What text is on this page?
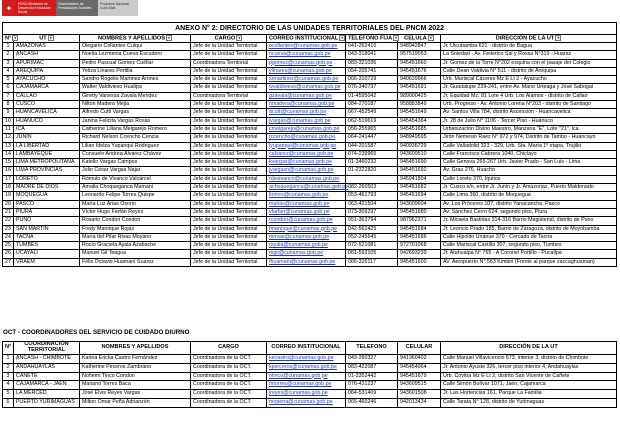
✦	PERÚ Ministerio de Desarrollo e Inclusión Social
Viceministerio de Prestaciones Sociales
Programa Nacional Cuna Más
ANEXO N° 2: DIRECTORIO DE LAS UNIDADES TERRITORIALES DEL PNCM 2022							
N° ▾	UT ▾	NOMBRES Y APELLIDOS ▾	CARGO ▾	CORREO INSTITUCIONAL ▾	TELEFONO FIJA ▾	CELULA ▾	DIRECCIÓN DE LA UT ▾
1	AMAZONAS	Olegario Collantes Culqui	Jefe de la Unidad Territorial	ocollantes@cunamas.gob.pe	041-262410	948942847	Jr. Utcubamba 621 - distrito de Bagua
2	ANCASH	Noelia Lezmenia Cueva Escudero	Jefe de la Unidad Territorial	ncueva@cunamas.gob.pe	043-318041	957519053	La Soledad - Av. Federico Sal y Rosas N°319 - Huaraz
3	APURIMAC	Pedro Pascual Gomez Cuéllar	Coordinadora Territorial	pgomez@cunamas.gob.pe	083-321036	945451660	Jr. Gomez de la Torre N°202 esquina con el pasaje del Colegio
4	AREQUIPA	Yeliza Linares Portilla	Jefe de la Unidad Territorial	ylinares@cunamas.gob.pe	054-205741	945451676	Calle Dean Valdivia N° 511 - distrito de Arequipa
5	AYACUCHO	Sandro Rogelio Martinez Arones	Jefe de la Unidad Territorial	srmartinez@cunamas.gob.pe	066-310729	940639966	Urb. Mariscal Cáceres Mz E Lt 2 - Ayacucho
6	CAJAMARCA	Walter Valdivieso Hualipa	Jefe de la Unidad Territorial	wvaldivieso@cunamas.gob.pe	076-340737	945451691	Jr. Guadalupe 239-241, entre Av. Mario Urteaga y José Sabogal
7	CALLAO	Giretty Vanessa Zavala Mendez	Coordinadora Territorial	gzavala@cunamas.gob.pe	01-4595042	989000425	Jr. Equidad Mz. 81 Lote 4 Urb. Los Alamos - distrito de Callao
8	CUSCO	Nilton Madera Mejia	Jefe de la Unidad Territorial	nmadera@cunamas.gob.pe	084-270187	958883849	Urb. Progreso - Av. Antonio Lorena N°203 - distrito de Santiago
9	HUANCAVELICA	Alfredo Cutti Vargas	Jefe de la Unidad Territorial	acutti@cunamas.gob.pe	067-452549	945451649	Av. Santos Villa 784, distrito Ascensión - Huancavelica
10	HUANUCO	Janina Felicita Vargas Rosas	Jefe de la Unidad Territorial	jvargas@cunamas.gob.pe	062-519619	945454384	Jr. 28 de Julio N° 1106 - Tercer Piso - Huánuco
11	ICA	Catherine Liliana Melgarejo Romero	Jefe de la Unidad Territorial	cmelgarejo@cunamas.gob.pe	056-255965	945451685	Urbanización Divino Maestro, Manzana "E", Lote "21", Ica
12	JUNIN	Richard Nelson Ccencho Cencia	Jefe de la Unidad Territorial	rccencho@cunamas.gob.pe	064-241447	948949595	Jirón Nemesio Raez N° 972 y 974, Distrito de Tambo - Huancayo
13	LA LIBERTAD	Lilian Idelza Yupanqui Rodriguez	Jefe de la Unidad Territorial	lyupanqui@cunamas.gob.pe	044-201587	940936729	Calle Valladolid 323 - 329, Urb. Sta. María 1º etapa, Trujillo
14	LAMBAYEQUE	Consuelo Andrea Álvarez Chávez	Jefe de la Unidad Territorial	calvarez@cunamas.gob.pe	074-239965	943609510	Calle Francisco Cabrera 1040, Chiclayo
15	LIMA METROPOLITANA	Katello Vargas Campos	Jefe de la Unidad Territorial	kvargas@cunamas.gob.pe	01-3460232	945451690	Calle Genova 265-267 Urb. Javier Prado - San Luis - Lima
16	LIMA PROVINCIAS	Julio César Vargas Najar	Jefe de la Unidad Territorial	jvargasn@cunamas.gob.pe	01-2322820	945451692	Av. Grau 276, Huacho
17	LORETO	Rómulo de Vivanco Valcárcel	Jefe de la Unidad Territorial	rdevivanco@cunamas.gob.pe		945941804	Calle Loreto 370, Iquitos
18	MADRE DE DIOS	Amalia Choqueganca Mamani	Jefe de la Unidad Territorial	achoqueganca@cunamas.gob.pe	082-260503	945451682	Jr. Cusco s/n, entre Jr. Junín y Jr. Amazonas, Puerto Maldonado
19	MOQUEGUA	Leonardo Felipe Torres Quispe	Jefe de la Unidad Territorial	ltorres@cunamas.gob.pe	053-461793	945451694	Calle Lima 360, distrito de Moquegua
20	PASCO	María Luz Arias Osorio	Jefe de la Unidad Territorial	marias@cunamas.gob.pe	063-421504	943609604	Av. Los Próceres 107, distrito Yanacancha, Pasco
21	PIURA	Víctor Hugo Farfán Reyes	Jefe de la Unidad Territorial	vfarfan@cunamas.gob.pe	073-309297	945451680	Av. Sánchez Cerro 624, segundo piso, Piura
22	PUNO	Rosario Condori Condori	Jefe de la Unidad Territorial	rcondori@cunamas.gob.pe	051-363794	987962371	Jr. Micaela Bastidas 314-316 Barrio Magisterial, distrito de Puno
23	SAN MARTIN	Fredy Manrique Rojas	Jefe de la Unidad Territorial	fmanrique@cunamas.gob.pe	042-562425	945451684	Jr. Leoncio Prado 185, Barrio de Zaragoza, distrito de Moyobamba
24	TACNA	María del Pilar Rivas Moyano	Jefe de la Unidad Territorial	mrivas@cunamas.gob.pe	052-245645	945451686	Calle Hipólito Unanue 370 - Cercado de Tacna
25	TUMBES	Rocío Graciela Ayala Azabache	Jefe de la Unidad Territorial	rayala@cunamas.gob.pe	072-521081	972701068	Calle Mariscal Castilla 307, segundo piso, Tumbes
26	UCAYALI	Manuel Gil Teagua	Jefe de la Unidad Territorial	mgil@cunamas.gob.pe	061-592105	942693239	Jr. Atahualpa N° 765 - A Coronel Portillo - Pucallpa
27	VRAEM	Félix Octavio Huamaní Suarez	Jefe de la Unidad Territorial	fhuamani@cunamas.gob.pe	066-326117	945451600	AV. Aeropuerto N° 563 Kimbiri (Frente al parque zaccaghuaman)
OCT - COORDINADORES DEL SERVICIO DE CUIDADO DIURNO
N°	COORDINACIÓN TERRITORIAL	NOMBRES Y APELLIDOS	CARGO	CORREO INSTITUCIONAL	TELEFONO	CELULAR	DIRECCIÓN DE LA UT
1	ANCASH - CHIMBOTE	Karina Ericka Castro Fernández	Coordinadora de la OCT.	kecastro@cunamas.gob.pe	043-260327	941960402	Calle Manuel Villavicencio 673, interior 3, distrito de Chimbote
2	ANDAHUAYLAS	Katherine Peceros Zambrano	Coordinadora de la OCT.	kperceros@cunamas.gob.pe	083-422087	945454964	Jr. Antonio Ayuste 326, tercer piso interior 4, Andahuaylas
3	CAÑETE	Nohemí Tinco Condori	Coordinadora de la OCT.	ntinco@cunamas.gob.pe	01-3352442	945451679	Urb. Covitra Mz E Lt 2, distrito San Vicente de Cañete
4	CAJAMARCA - JAEN	Mariano Torres Baca	Coordinadora de la OCT.	mtorres@cunamas.gob.pe	076-431237	943609515	Calle Simón Bolívar 1071, Jaén, Cajamarca
5	LA MERCED	José Elvis Reyes Vargas	Coordinadora de la OCT.	jreyes@cunamas.gob.pe	064-531409	943601508	Jr. Las Hortencias 161, Parque La Familia
6	PUERTO YURIMAGUAS	Milton Omar Peña Adrianzén	Coordinadora de la OCT.	mopena@cunamas.gob.pe	065-460246	942013434	Calle Tarata N° 128, distrito de Yurimaguas
